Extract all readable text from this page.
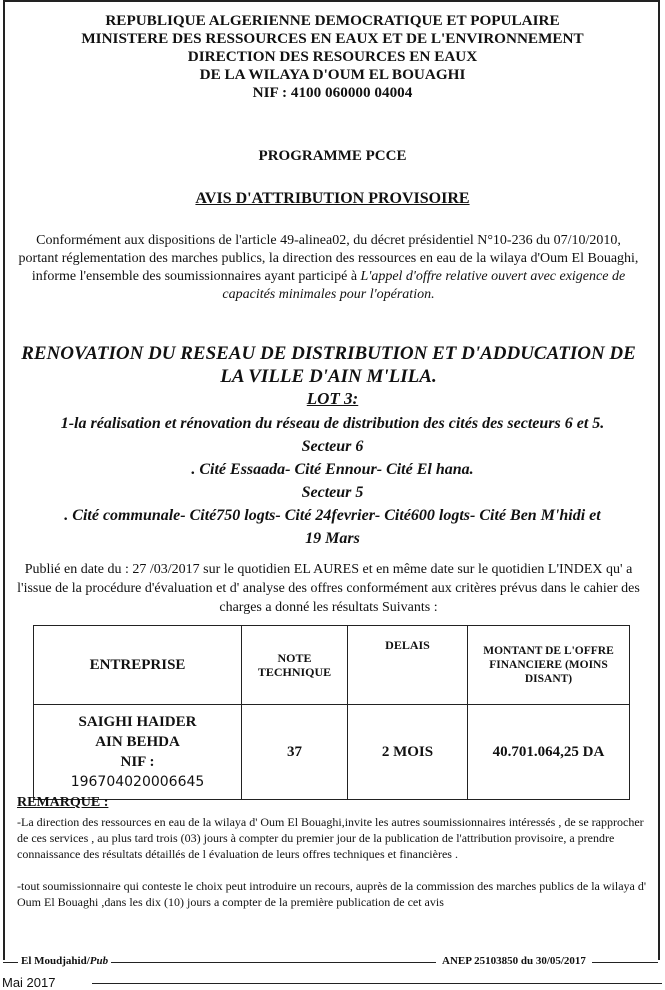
REPUBLIQUE ALGERIENNE DEMOCRATIQUE ET POPULAIRE
MINISTERE DES RESSOURCES EN EAUX ET DE L'ENVIRONNEMENT
DIRECTION DES RESOURCES EN EAUX
DE LA WILAYA D'OUM EL BOUAGHI
NIF : 4100 060000 04004
PROGRAMME PCCE
AVIS D'ATTRIBUTION PROVISOIRE
Conformément aux dispositions de l'article 49-alinea02, du décret présidentiel N°10-236 du 07/10/2010, portant réglementation des marches publics, la direction des ressources en eau de la wilaya d'Oum El Bouaghi, informe l'ensemble des soumissionnaires ayant participé à L'appel d'offre relative ouvert avec exigence de capacités minimales pour l'opération.
RENOVATION DU RESEAU DE DISTRIBUTION ET D'ADDUCATION DE
LA VILLE D'AIN M'LILA.
LOT 3:
1-la réalisation et rénovation du réseau de distribution des cités des secteurs 6 et 5.
Secteur 6
. Cité Essaada- Cité Ennour- Cité El hana.
Secteur 5
. Cité communale- Cité750 logts- Cité 24fevrier- Cité600 logts- Cité Ben M'hidi et
19 Mars
Publié en date du : 27 /03/2017 sur le quotidien EL AURES et en même date sur le quotidien L'INDEX qu' a l'issue de la procédure d'évaluation et d' analyse des offres conformément aux critères prévus dans le cahier des charges a donné les résultats Suivants :
ENTREPRISE	NOTE TECHNIQUE	DELAIS	MONTANT DE L'OFFRE FINANCIERE (MOINS DISANT)

SAIGHI HAIDER
AIN BEHDA
NIF :
196704020006645	37	2 MOIS	40.701.064,25 DA
REMARQUE :
-La direction des ressources en eau de la wilaya d' Oum El Bouaghi,invite les autres soumissionnaires intéressés , de se rapprocher de ces services , au plus tard trois (03) jours à compter du premier jour de la publication de l'attribution provisoire, a prendre connaissance des résultats détaillés de l évaluation de leurs offres techniques et financières .
-tout soumissionnaire qui conteste le choix peut introduire un recours, auprès de la commission des marches publics de la wilaya d' Oum El Bouaghi ,dans les dix (10) jours a compter de la première publication de cet avis
El Moudjahid/Pub	ANEP 25103850 du 30/05/2017
Mai 2017
